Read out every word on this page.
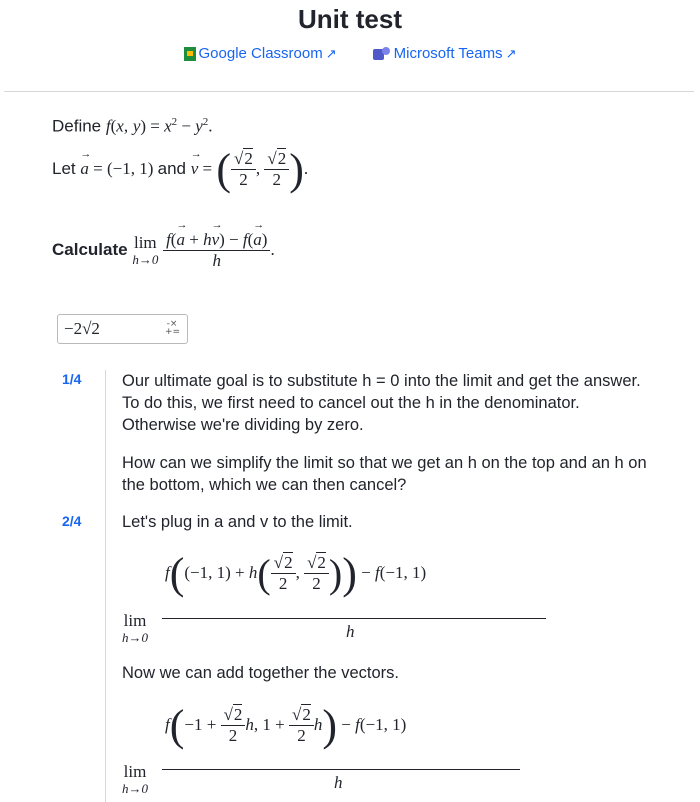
Unit test
Google Classroom ↗	Microsoft Teams ↗
Define f(x, $y) = x^2 - y^2$.
Let → a = (−1, 1) and → v = ( $\frac{√2}{2}$ , $\frac{√2}{2}$ ).
Calculate lim
h→0
$\frac{f(\to a + h\to v) - f(\to a)}{h}$ .
−2√2	-×
+=
1/4 Our ultimate goal is to substitute h = 0 into the limit and get the answer. To do this, we first need to cancel out the h in the denominator. Otherwise we're dividing by zero.
How can we simplify the limit so that we get an h on the top and an h on the bottom, which we can then cancel?
2/4 Let's plug in a and v to the limit.
lim
h→0
f((−1, $1) + h( \frac{√2}{2}$ , $\frac{√2}{2}$ )) − f(−1, 1)
h
Now we can add together the vectors.
lim
h→0
$f(-1 + \frac{√2}{2} h$, $1 + \frac{√2}{2} h) - f(-1$, 1)
h
